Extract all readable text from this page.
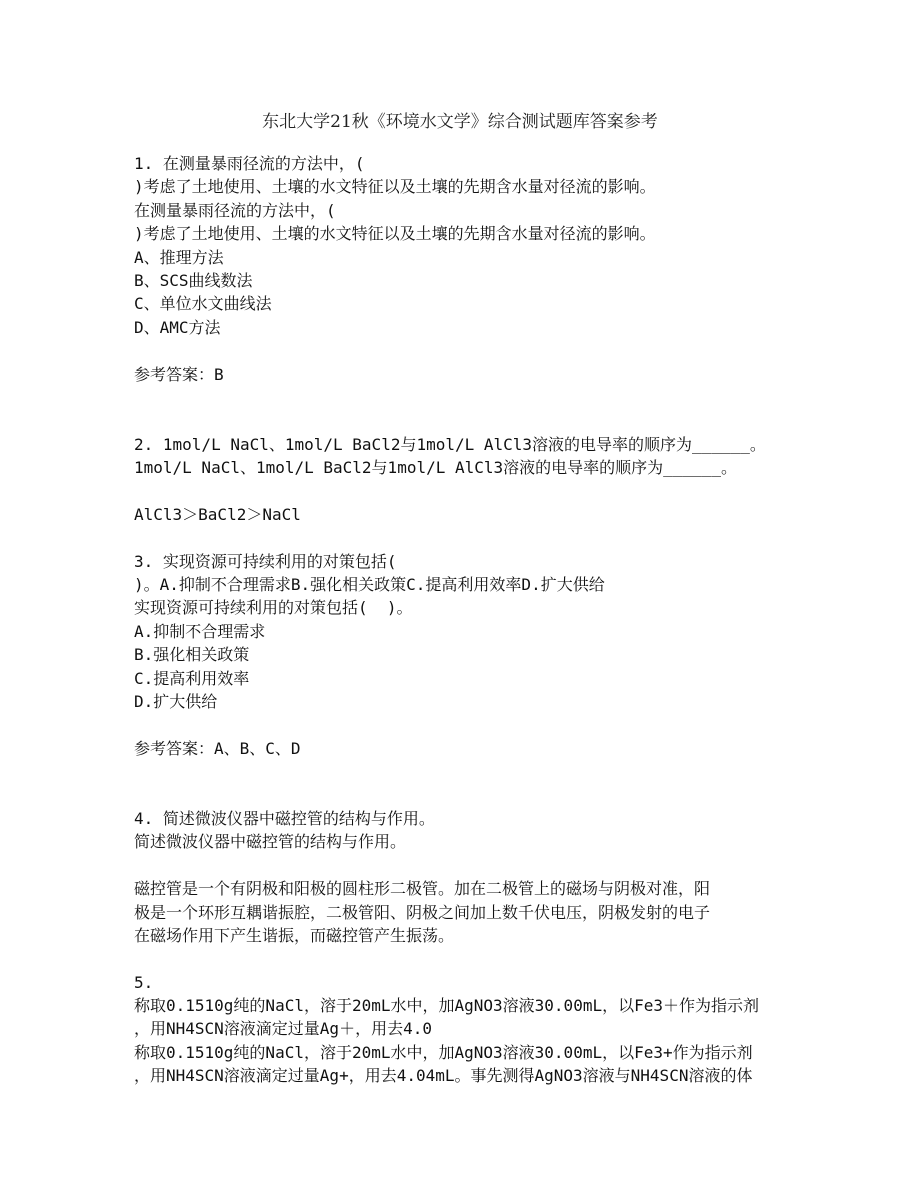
东北大学21秋《环境水文学》综合测试题库答案参考
1. 在测量暴雨径流的方法中，(
)考虑了土地使用、土壤的水文特征以及土壤的先期含水量对径流的影响。
在测量暴雨径流的方法中，(
)考虑了土地使用、土壤的水文特征以及土壤的先期含水量对径流的影响。
A、推理方法
B、SCS曲线数法
C、单位水文曲线法
D、AMC方法
参考答案：B
2. 1mol/L NaCl、1mol/L BaCl2与1mol/L AlCl3溶液的电导率的顺序为______。
1mol/L NaCl、1mol/L BaCl2与1mol/L AlCl3溶液的电导率的顺序为______。
AlCl3＞BaCl2＞NaCl
3. 实现资源可持续利用的对策包括(
)。A.抑制不合理需求B.强化相关政策C.提高利用效率D.扩大供给
实现资源可持续利用的对策包括(  )。
A.抑制不合理需求
B.强化相关政策
C.提高利用效率
D.扩大供给
参考答案：A、B、C、D
4. 简述微波仪器中磁控管的结构与作用。
简述微波仪器中磁控管的结构与作用。
磁控管是一个有阴极和阳极的圆柱形二极管。加在二极管上的磁场与阴极对准，阳
极是一个环形互耦谐振腔，二极管阳、阴极之间加上数千伏电压，阴极发射的电子
在磁场作用下产生谐振，而磁控管产生振荡。
5.
称取0.1510g纯的NaCl，溶于20mL水中，加AgNO3溶液30.00mL，以Fe3＋作为指示剂
，用NH4SCN溶液滴定过量Ag＋，用去4.0
称取0.1510g纯的NaCl，溶于20mL水中，加AgNO3溶液30.00mL，以Fe3+作为指示剂
，用NH4SCN溶液滴定过量Ag+，用去4.04mL。事先测得AgNO3溶液与NH4SCN溶液的体
